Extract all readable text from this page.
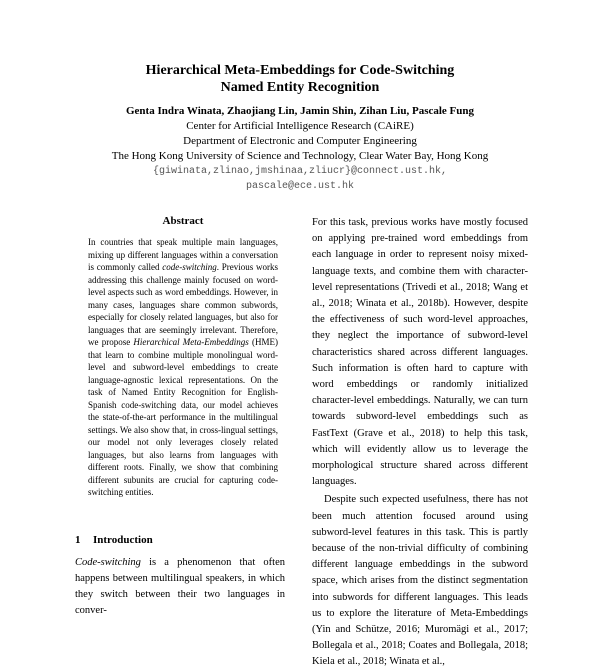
Hierarchical Meta-Embeddings for Code-Switching
Named Entity Recognition
Genta Indra Winata, Zhaojiang Lin, Jamin Shin, Zihan Liu, Pascale Fung
Center for Artificial Intelligence Research (CAiRE)
Department of Electronic and Computer Engineering
The Hong Kong University of Science and Technology, Clear Water Bay, Hong Kong
{giwinata,zlinao,jmshinaa,zliucr}@connect.ust.hk,
pascale@ece.ust.hk
Abstract

In countries that speak multiple main languages, mixing up different languages within a conversation is commonly called code-switching. Previous works addressing this challenge mainly focused on word-level aspects such as word embeddings. However, in many cases, languages share common subwords, especially for closely related languages, but also for languages that are seemingly irrelevant. Therefore, we propose Hierarchical Meta-Embeddings (HME) that learn to combine multiple monolingual word-level and subword-level embeddings to create language-agnostic lexical representations. On the task of Named Entity Recognition for English-Spanish code-switching data, our model achieves the state-of-the-art performance in the multilingual settings. We also show that, in cross-lingual settings, our model not only leverages closely related languages, but also learns from languages with different roots. Finally, we show that combining different subunits are crucial for capturing code-switching entities.

1 Introduction

Code-switching is a phenomenon that often happens between multilingual speakers, in which they switch between their two languages in conver-

For this task, previous works have mostly focused on applying pre-trained word embeddings from each language in order to represent noisy mixed-language texts, and combine them with character-level representations (Trivedi et al., 2018; Wang et al., 2018; Winata et al., 2018b). However, despite the effectiveness of such word-level approaches, they neglect the importance of subword-level characteristics shared across different languages. Such information is often hard to capture with word embeddings or randomly initialized character-level embeddings. Naturally, we can turn towards subword-level embeddings such as FastText (Grave et al., 2018) to help this task, which will evidently allow us to leverage the morphological structure shared across different languages.

Despite such expected usefulness, there has not been much attention focused around using subword-level features in this task. This is partly because of the non-trivial difficulty of combining different language embeddings in the subword space, which arises from the distinct segmentation into subwords for different languages. This leads us to explore the literature of Meta-Embeddings (Yin and Schütze, 2016; Muromägi et al., 2017; Bollegala et al., 2018; Coates and Bollegala, 2018; Kiela et al., 2018; Winata et al.,
